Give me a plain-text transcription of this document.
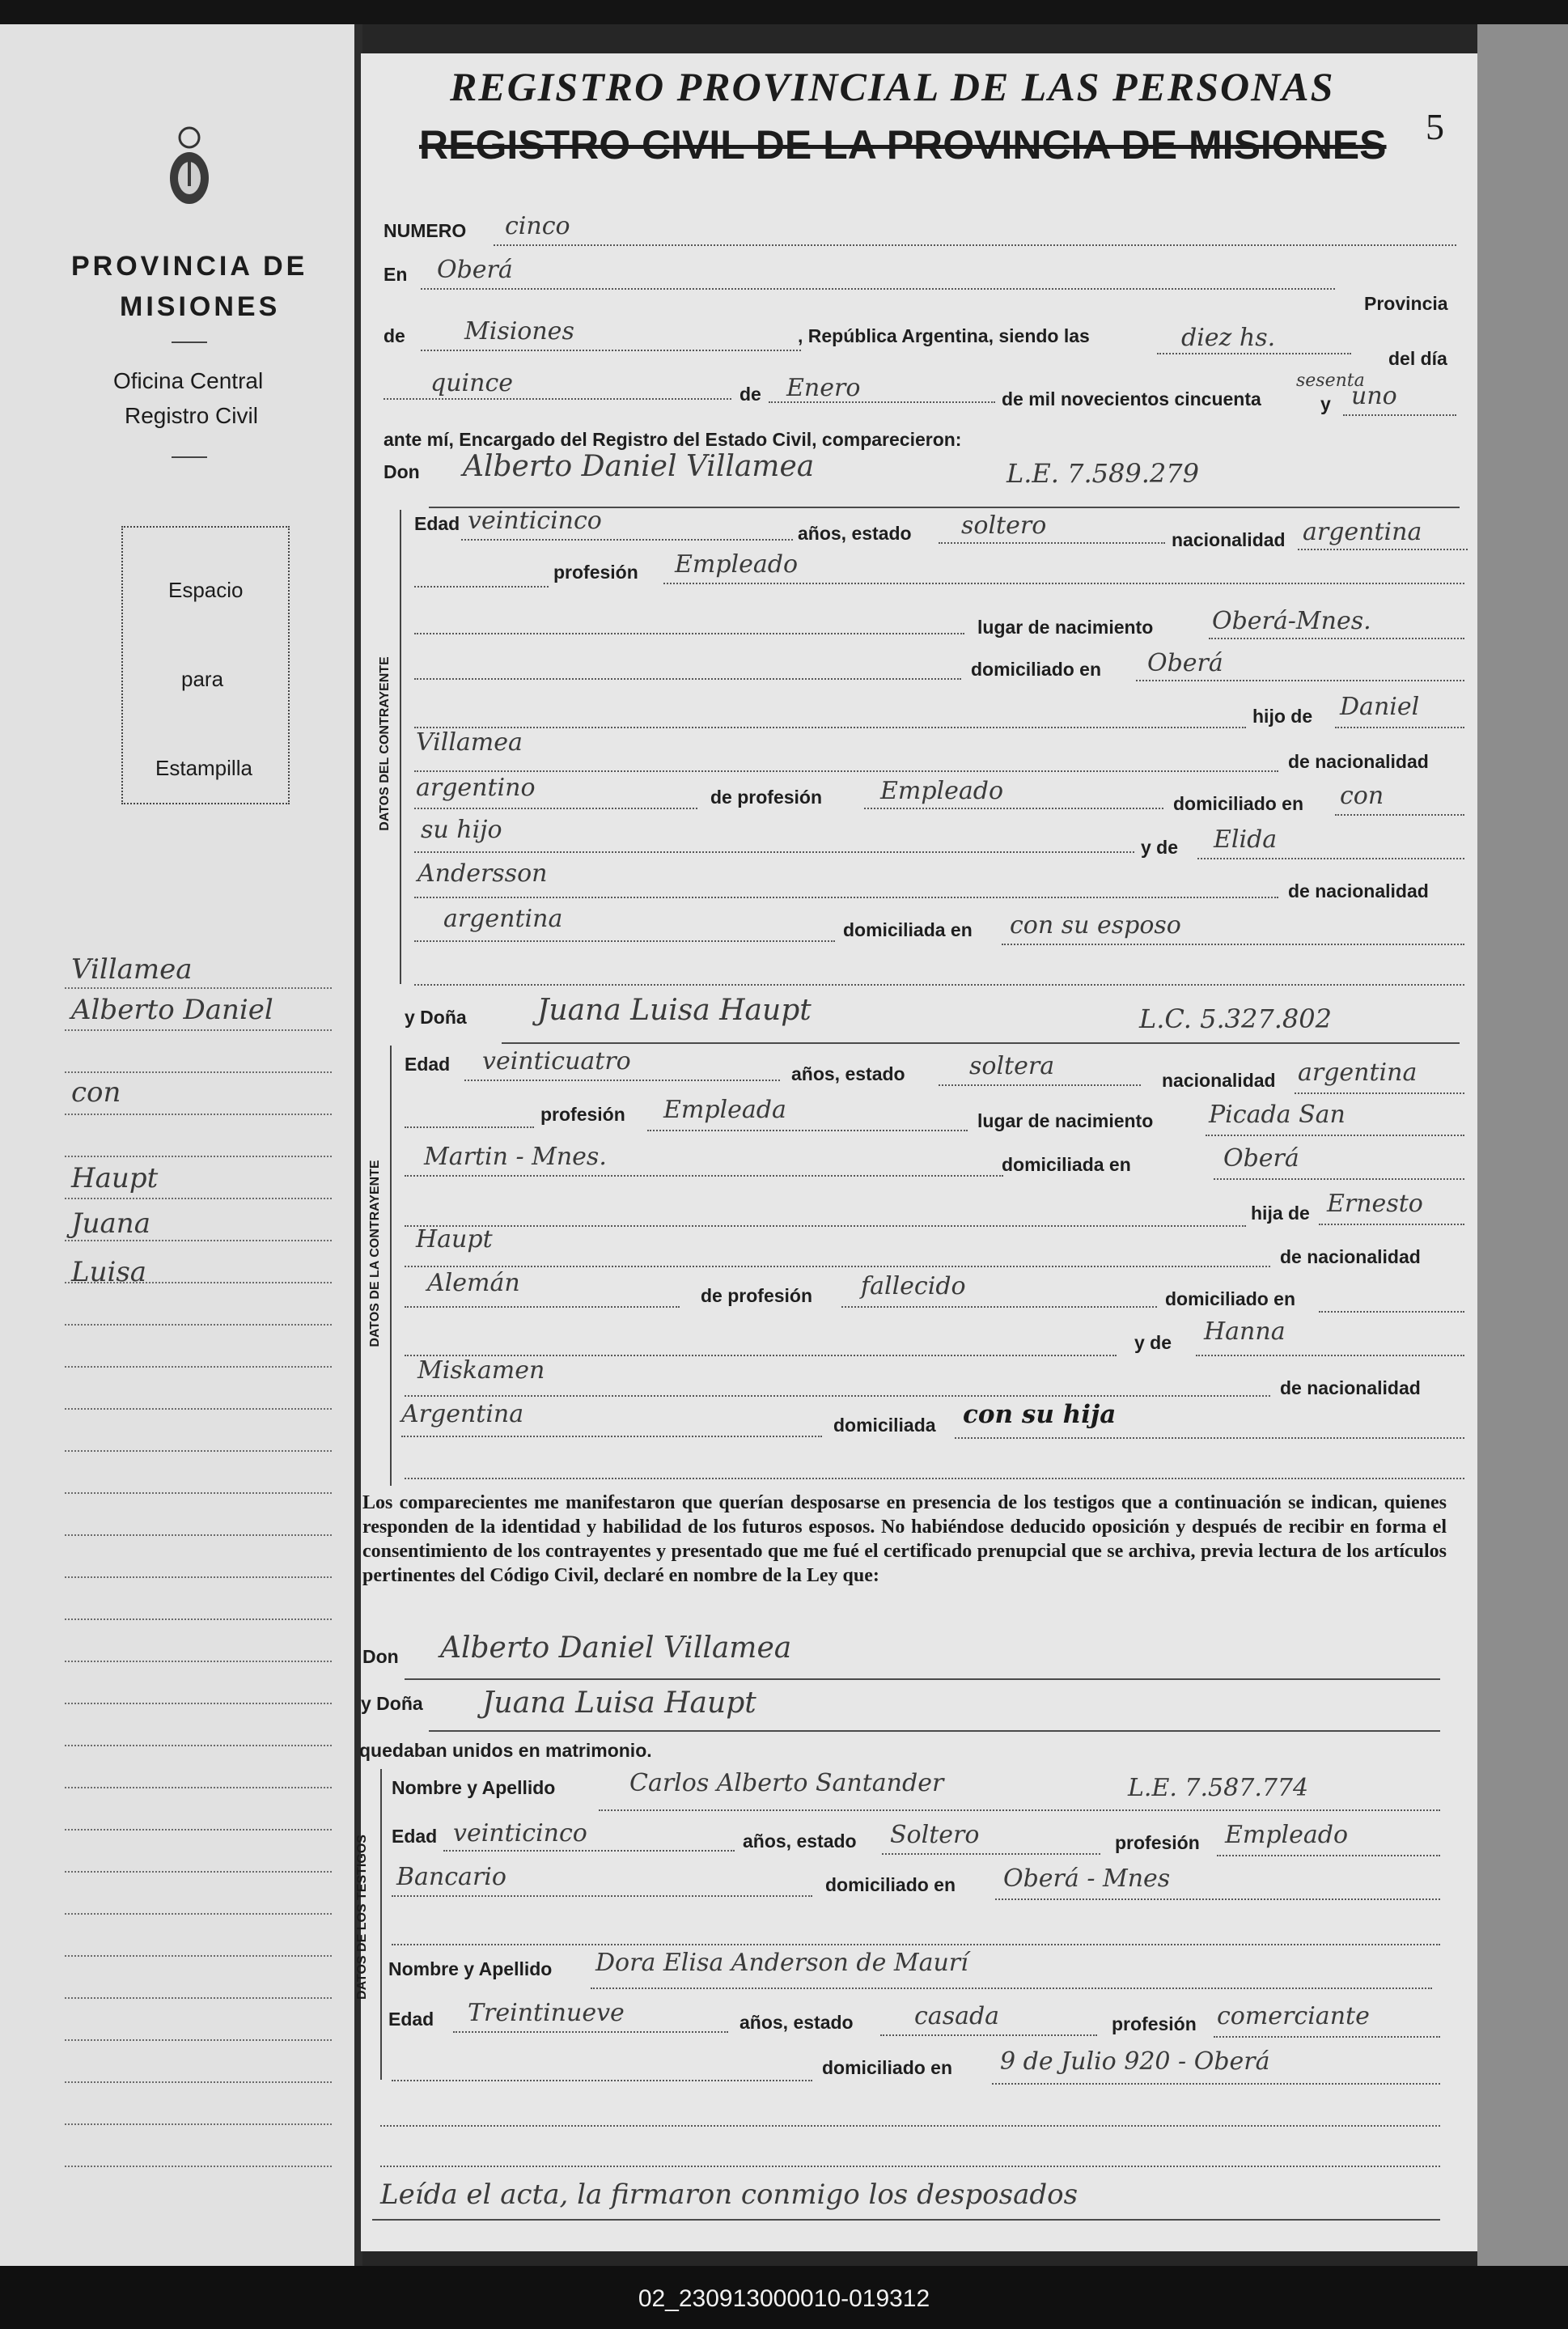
PROVINCIA DE
MISIONES
Oficina Central
Registro Civil
Espacio
para
Estampilla
Villamea
Alberto Daniel
con
Haupt
Juana
Luisa
REGISTRO PROVINCIAL DE LAS PERSONAS
REGISTRO CIVIL DE LA PROVINCIA DE MISIONES 5
NUMERO cinco
En Oberá
Provincia
de Misiones	, República Argentina, siendo las	diez hs.
del día
quince	de Enero	de mil novecientos cincuenta
sesenta
y uno
ante mí, Encargado del Registro del Estado Civil, comparecieron:
Don Alberto Daniel Villamea	L.E. 7.589.279
DATOS DEL CONTRAYENTE
Edad veinticinco	años, estado soltero	nacionalidad argentina
profesión Empleado
lugar de nacimiento Oberá-Mnes.
domiciliado en Oberá
hijo de Daniel
Villamea
de nacionalidad
argentino	de profesión Empleado	domiciliado en con
su hijo
y de Elida
Andersson
de nacionalidad
argentina	domiciliada en con su esposo
y Doña Juana Luisa Haupt	L.C. 5.327.802
DATOS DE LA CONTRAYENTE
Edad veinticuatro	años, estado	soltera	nacionalidad argentina
profesión Empleada	lugar de nacimiento Picada San
Martin - Mnes.	domiciliada en	Oberá
hija de Ernesto
Haupt
de nacionalidad
Alemán	de profesión fallecido	domiciliado en
y de Hanna
Miskamen
de nacionalidad
Argentina	domiciliada con su hija
Los comparecientes me manifestaron que querían desposarse en presencia de los testigos que a continuación se indican, quienes responden de la identidad y habilidad de los futuros esposos. No habiéndose deducido oposición y después de recibir en forma el consentimiento de los contrayentes y presentado que me fué el certificado prenupcial que se archiva, previa lectura de los artículos pertinentes del Código Civil, declaré en nombre de la Ley que:
Don Alberto Daniel Villamea
y Doña Juana Luisa Haupt
quedaban unidos en matrimonio.
DATOS DE LOS TESTIGOS
Nombre y Apellido	Carlos Alberto Santander	L.E. 7.587.774
Edad veinticinco	años, estado Soltero	profesión Empleado
Bancario	domiciliado en Oberá - Mnes
Nombre y Apellido Dora Elisa Anderson de Maurí
Edad Treintinueve	años, estado	casada	profesión comerciante
domiciliado en 9 de Julio 920 - Oberá
Leída el acta, la firmaron conmigo los desposados
02_230913000010-019312
